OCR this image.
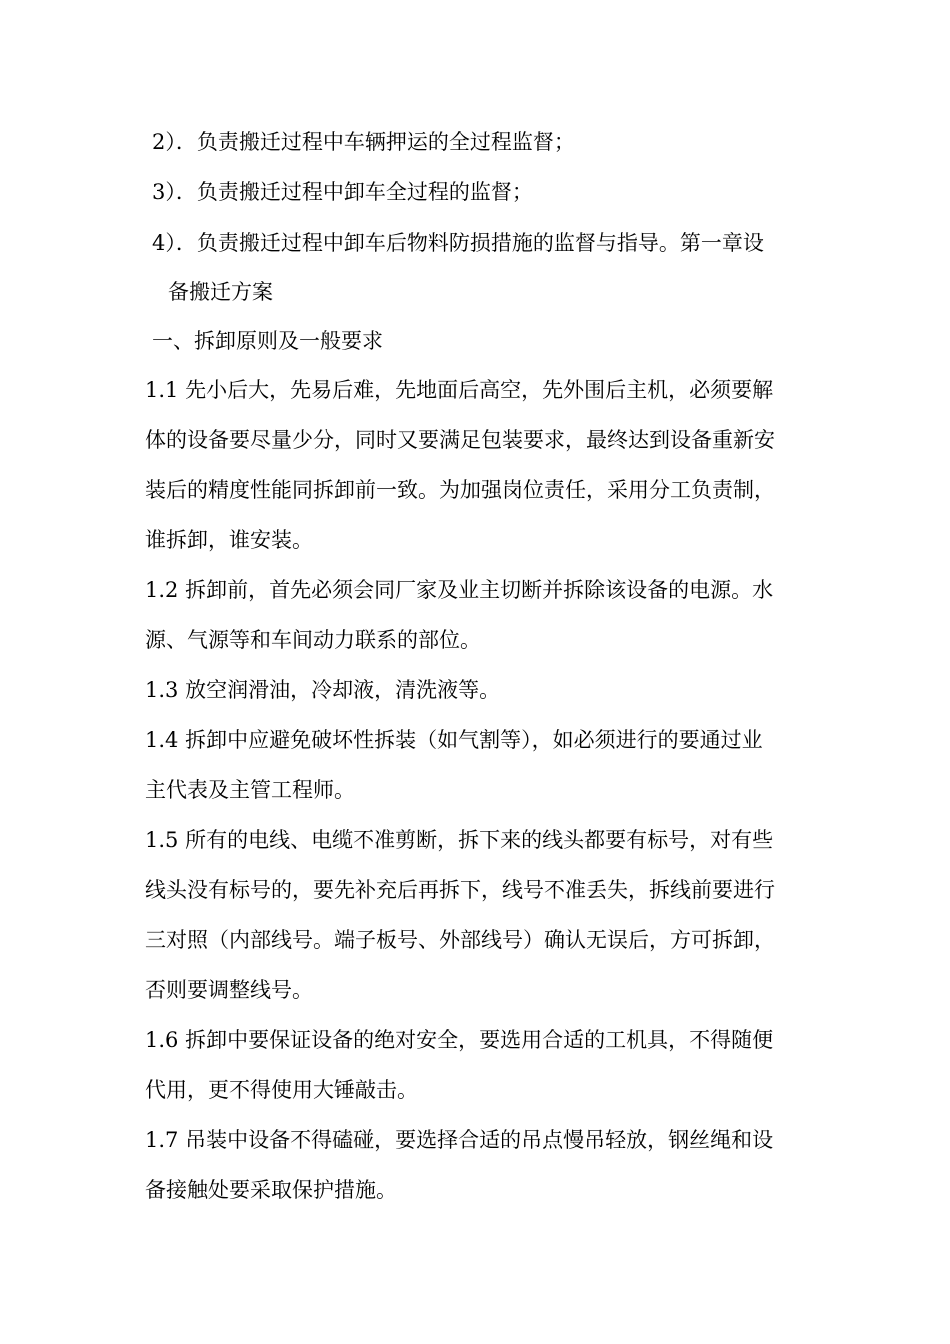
2）．负责搬迁过程中车辆押运的全过程监督；
3）．负责搬迁过程中卸车全过程的监督；
4）．负责搬迁过程中卸车后物料防损措施的监督与指导。第一章设
备搬迁方案
一、拆卸原则及一般要求
1.1 先小后大，先易后难，先地面后高空，先外围后主机，必须要解
体的设备要尽量少分，同时又要满足包装要求，最终达到设备重新安
装后的精度性能同拆卸前一致。为加强岗位责任，采用分工负责制，
谁拆卸，谁安装。
1.2 拆卸前，首先必须会同厂家及业主切断并拆除该设备的电源。水
源、气源等和车间动力联系的部位。
1.3 放空润滑油，冷却液，清洗液等。
1.4 拆卸中应避免破坏性拆装（如气割等），如必须进行的要通过业
主代表及主管工程师。
1.5 所有的电线、电缆不准剪断，拆下来的线头都要有标号，对有些
线头没有标号的，要先补充后再拆下，线号不准丢失，拆线前要进行
三对照（内部线号。端子板号、外部线号）确认无误后，方可拆卸，
否则要调整线号。
1.6 拆卸中要保证设备的绝对安全，要选用合适的工机具，不得随便
代用，更不得使用大锤敲击。
1.7 吊装中设备不得磕碰，要选择合适的吊点慢吊轻放，钢丝绳和设
备接触处要采取保护措施。
